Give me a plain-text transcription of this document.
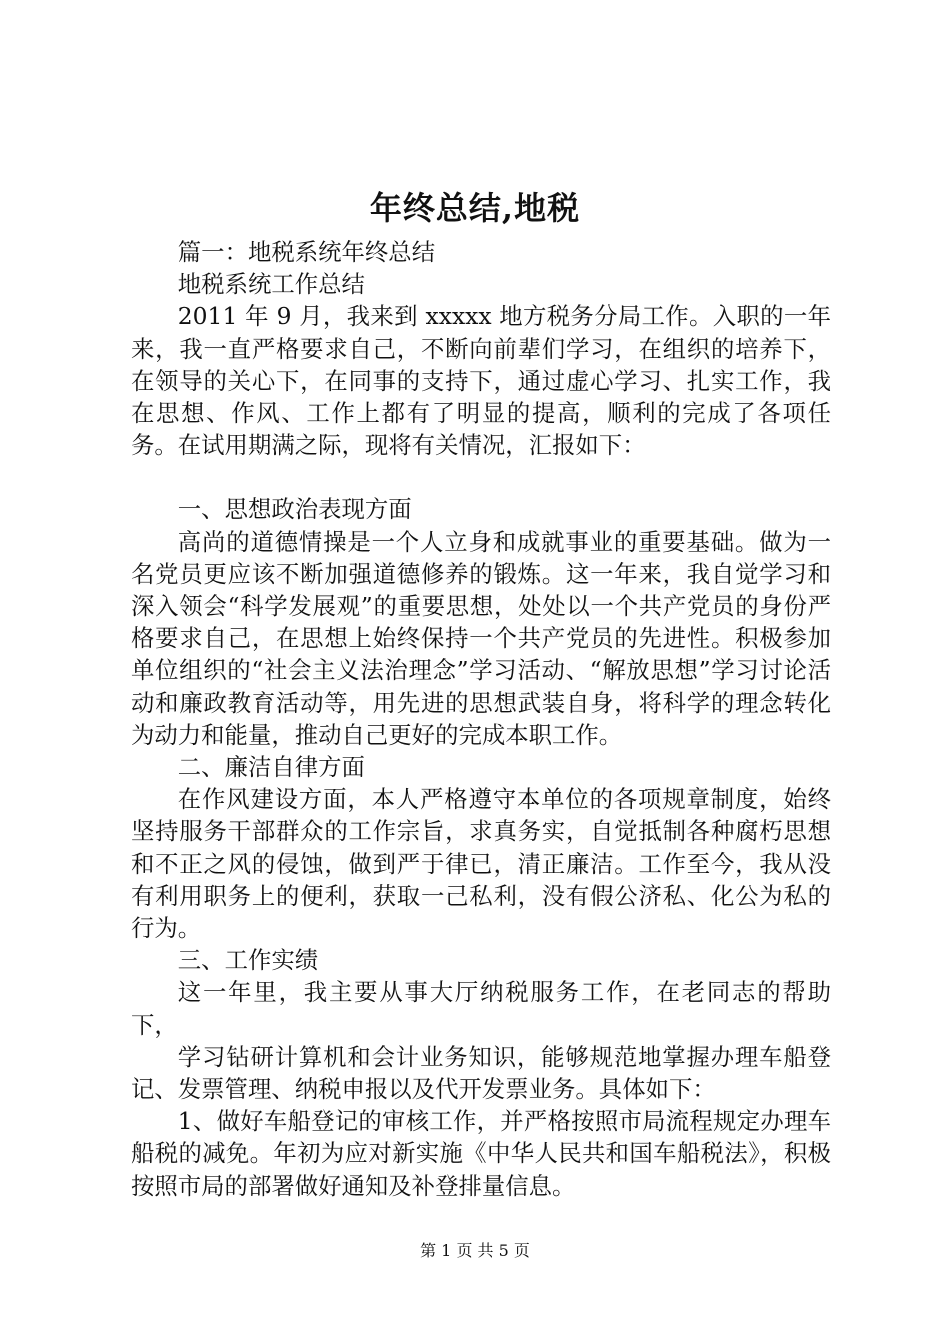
年终总结,地税

篇一：地税系统年终总结

地税系统工作总结

2011 年 9 月，我来到 xxxxx 地方税务分局工作。入职的一年来，我一直严格要求自己，不断向前辈们学习，在组织的培养下，在领导的关心下，在同事的支持下，通过虚心学习、扎实工作，我在思想、作风、工作上都有了明显的提高，顺利的完成了各项任务。在试用期满之际，现将有关情况，汇报如下：

一、思想政治表现方面

高尚的道德情操是一个人立身和成就事业的重要基础。做为一名党员更应该不断加强道德修养的锻炼。这一年来，我自觉学习和深入领会“科学发展观”的重要思想，处处以一个共产党员的身份严格要求自己，在思想上始终保持一个共产党员的先进性。积极参加单位组织的“社会主义法治理念”学习活动、“解放思想”学习讨论活动和廉政教育活动等，用先进的思想武装自身，将科学的理念转化为动力和能量，推动自己更好的完成本职工作。

二、廉洁自律方面

在作风建设方面，本人严格遵守本单位的各项规章制度，始终坚持服务干部群众的工作宗旨，求真务实，自觉抵制各种腐朽思想和不正之风的侵蚀，做到严于律已，清正廉洁。工作至今，我从没有利用职务上的便利，获取一己私利，没有假公济私、化公为私的行为。

三、工作实绩

这一年里，我主要从事大厅纳税服务工作，在老同志的帮助下，

学习钻研计算机和会计业务知识，能够规范地掌握办理车船登记、发票管理、纳税申报以及代开发票业务。具体如下：

1、做好车船登记的审核工作，并严格按照市局流程规定办理车船税的减免。年初为应对新实施《中华人民共和国车船税法》，积极按照市局的部署做好通知及补登排量信息。

第 1 页 共 5 页
